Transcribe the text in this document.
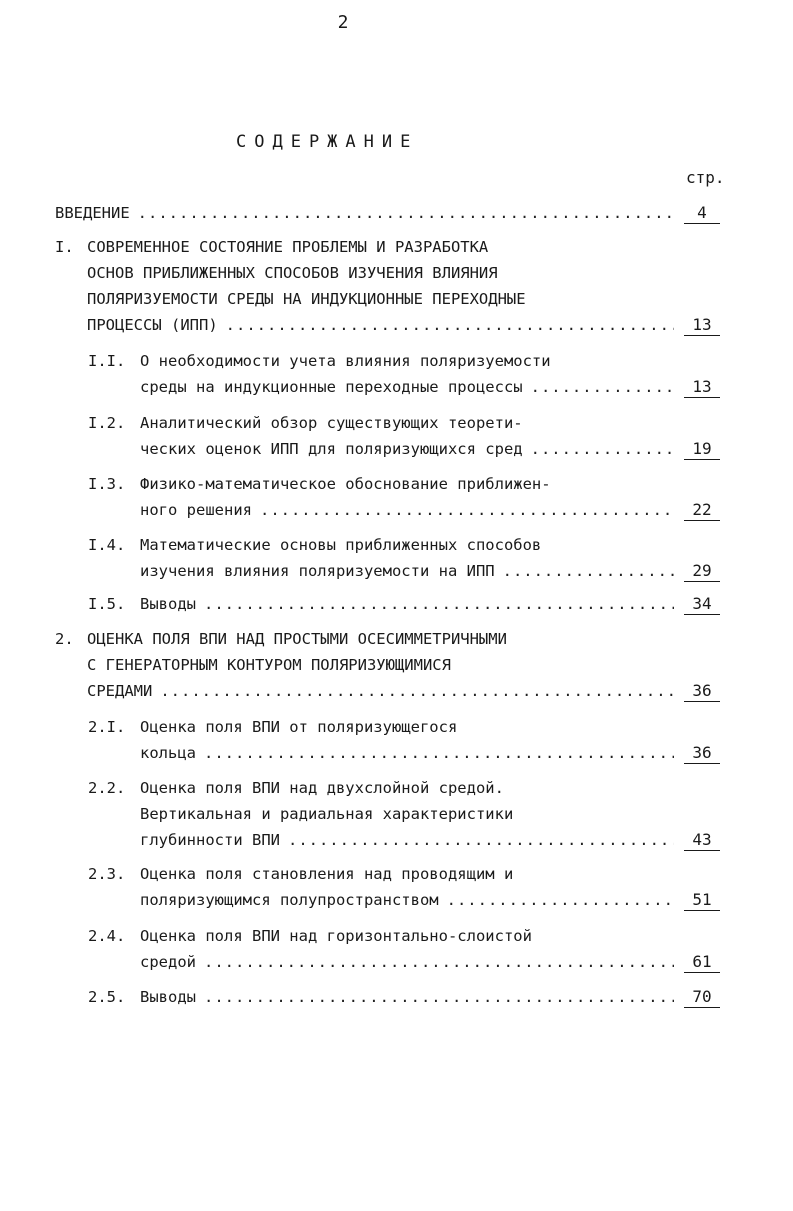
2
СОДЕРЖАНИЕ
стр.
ВВЕДЕНИЕ .....	4
I. СОВРЕМЕННОЕ СОСТОЯНИЕ ПРОБЛЕМЫ И РАЗРАБОТКА
ОСНОВ ПРИБЛИЖЕННЫХ СПОСОБОВ ИЗУЧЕНИЯ ВЛИЯНИЯ
ПОЛЯРИЗУЕМОСТИ СРЕДЫ НА ИНДУКЦИОННЫЕ ПЕРЕХОДНЫЕ
ПРОЦЕССЫ (ИПП) .....	13
I.I. О необходимости учета влияния поляризуемости
среды на индукционные переходные процессы .....	13
I.2. Аналитический обзор существующих теорети-
ческих оценок ИПП для поляризующихся сред .....	19
I.3. Физико-математическое обоснование приближен-
ного решения .....	22
I.4. Математические основы приближенных способов
изучения влияния поляризуемости на ИПП .....	29
I.5. Выводы .....	34
2. ОЦЕНКА ПОЛЯ ВПИ НАД ПРОСТЫМИ ОСЕСИММЕТРИЧНЫМИ
С ГЕНЕРАТОРНЫМ КОНТУРОМ ПОЛЯРИЗУЮЩИМИСЯ
СРЕДАМИ .....	36
2.I. Оценка поля ВПИ от поляризующегося
кольца .....	36
2.2. Оценка поля ВПИ над двухслойной средой.
Вертикальная и радиальная характеристики
глубинности ВПИ .....	43
2.3. Оценка поля становления над проводящим и
поляризующимся полупространством .....	51
2.4. Оценка поля ВПИ над горизонтально-слоистой
средой .....	61
2.5. Выводы .....	70
